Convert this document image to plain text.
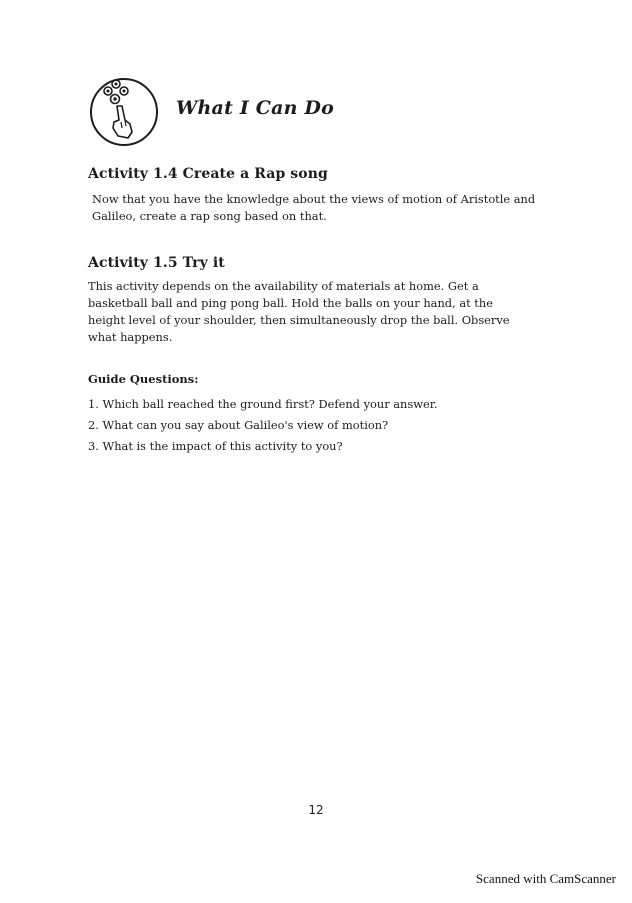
What I Can Do
Activity 1.4 Create a Rap song
Now that you have the knowledge about the views of motion of Aristotle and
Galileo, create a rap song based on that.
Activity 1.5 Try it
This activity depends on the availability of materials at home. Get a
basketball ball and ping pong ball. Hold the balls on your hand, at the
height level of your shoulder, then simultaneously drop the ball. Observe
what happens.
Guide Questions:
1. Which ball reached the ground first? Defend your answer.
2. What can you say about Galileo's view of motion?
3. What is the impact of this activity to you?
12
Scanned with CamScanner
